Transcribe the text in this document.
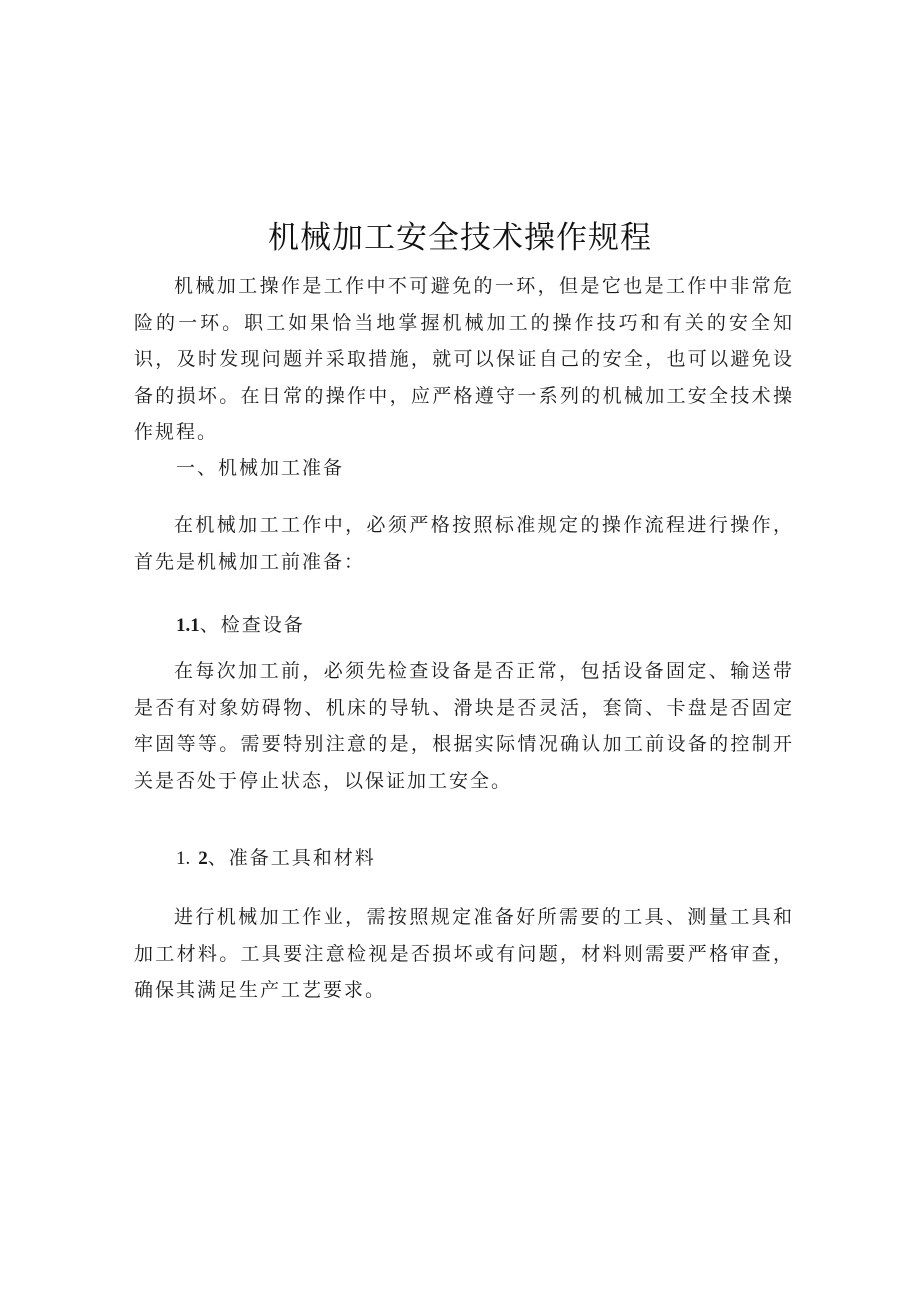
机械加工安全技术操作规程

机械加工操作是工作中不可避免的一环，但是它也是工作中非常危险的一环。职工如果恰当地掌握机械加工的操作技巧和有关的安全知识，及时发现问题并采取措施，就可以保证自己的安全，也可以避免设备的损坏。在日常的操作中，应严格遵守一系列的机械加工安全技术操作规程。

一、机械加工准备

在机械加工工作中，必须严格按照标准规定的操作流程进行操作，首先是机械加工前准备：

1.1、检查设备

在每次加工前，必须先检查设备是否正常，包括设备固定、输送带是否有对象妨碍物、机床的导轨、滑块是否灵活，套筒、卡盘是否固定牢固等等。需要特别注意的是，根据实际情况确认加工前设备的控制开关是否处于停止状态，以保证加工安全。

1. 2、准备工具和材料

进行机械加工作业，需按照规定准备好所需要的工具、测量工具和加工材料。工具要注意检视是否损坏或有问题，材料则需要严格审查，确保其满足生产工艺要求。
